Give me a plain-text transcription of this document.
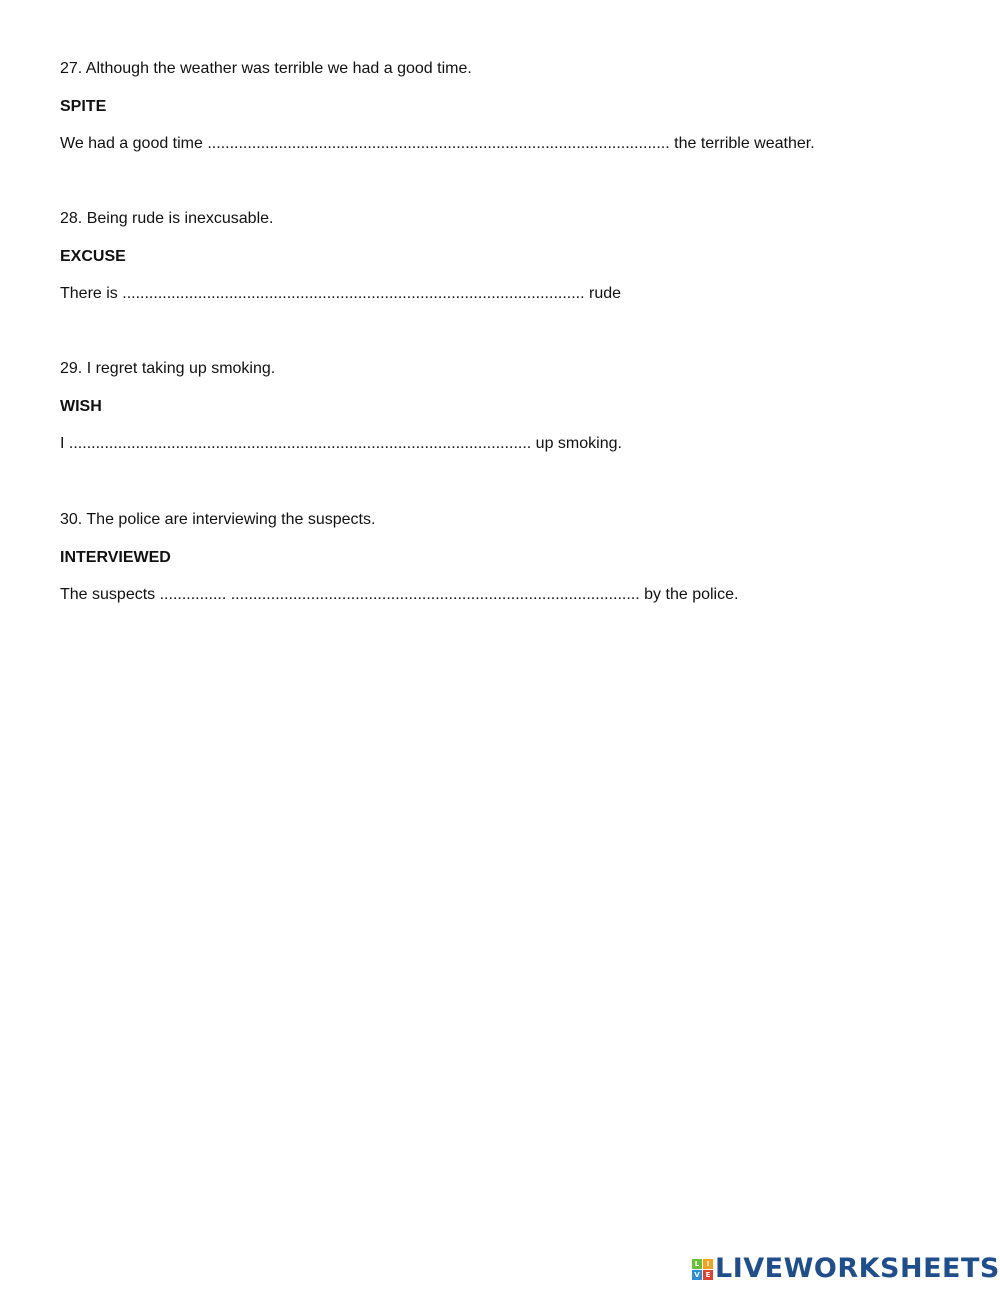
27. Although the weather was terrible we had a good time.
SPITE
We had a good time ........................................................................................................ the terrible weather.
28. Being rude is inexcusable.
EXCUSE
There is ........................................................................................................ rude
29. I regret taking up smoking.
WISH
I ........................................................................................................ up smoking.
30. The police are interviewing the suspects.
INTERVIEWED
The suspects ............... ............................................................................................ by the police.
L	I
V E LIVEWORKSHEETS
